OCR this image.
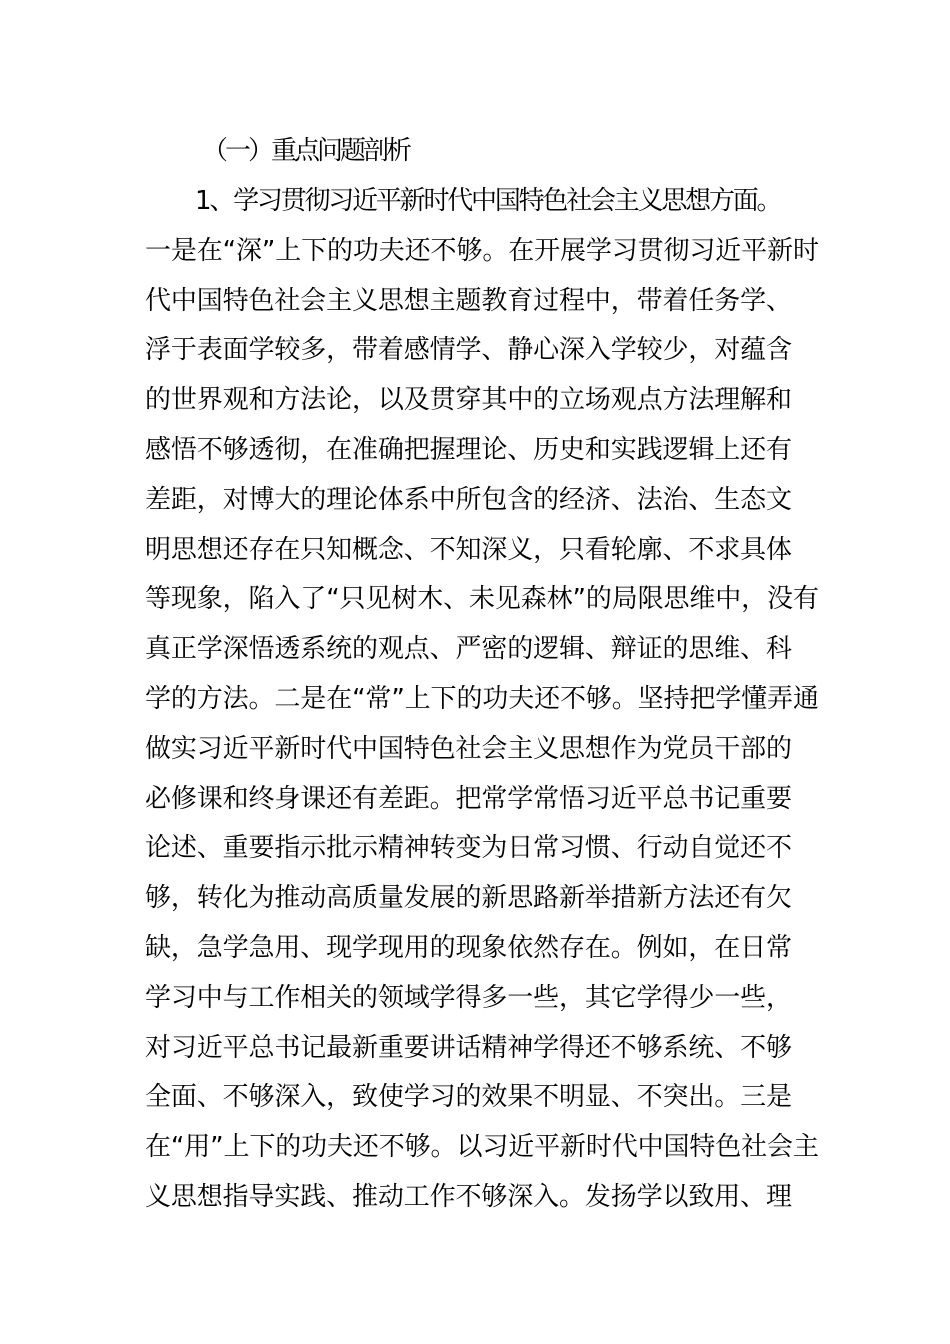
（一）重点问题剖析
1、学习贯彻习近平新时代中国特色社会主义思想方面。
一是在“深”上下的功夫还不够。在开展学习贯彻习近平新时
代中国特色社会主义思想主题教育过程中，带着任务学、
浮于表面学较多，带着感情学、静心深入学较少，对蕴含
的世界观和方法论，以及贯穿其中的立场观点方法理解和
感悟不够透彻，在准确把握理论、历史和实践逻辑上还有
差距，对博大的理论体系中所包含的经济、法治、生态文
明思想还存在只知概念、不知深义，只看轮廓、不求具体
等现象，陷入了“只见树木、未见森林”的局限思维中，没有
真正学深悟透系统的观点、严密的逻辑、辩证的思维、科
学的方法。二是在“常”上下的功夫还不够。坚持把学懂弄通
做实习近平新时代中国特色社会主义思想作为党员干部的
必修课和终身课还有差距。把常学常悟习近平总书记重要
论述、重要指示批示精神转变为日常习惯、行动自觉还不
够，转化为推动高质量发展的新思路新举措新方法还有欠
缺，急学急用、现学现用的现象依然存在。例如，在日常
学习中与工作相关的领域学得多一些，其它学得少一些，
对习近平总书记最新重要讲话精神学得还不够系统、不够
全面、不够深入，致使学习的效果不明显、不突出。三是
在“用”上下的功夫还不够。以习近平新时代中国特色社会主
义思想指导实践、推动工作不够深入。发扬学以致用、理
